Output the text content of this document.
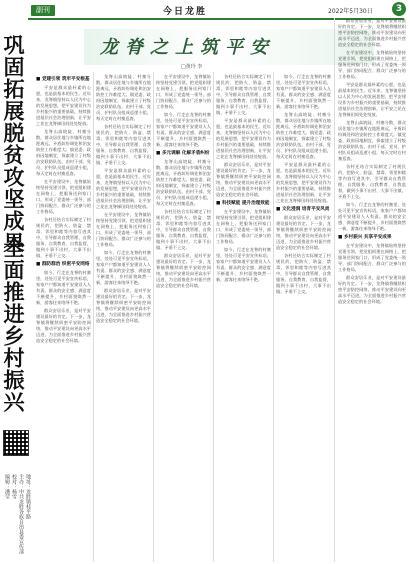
副刊	今日龙胜	2022年5月30日	3
巩固拓展脱贫攻坚成果
全面推进乡村振兴
编辑：潘莹 校对：杨雪 主办：中共龙胜各族自治县委宣传部 地址：龙胜镇桂平路
龙脊之上筑平安
□黄玲 李
■ 党建引领 筑牢平安根基

平安是群众最朴素的心愿，也是最基本的民生。近年来，龙脊镇坚持以人民为中心的发展思想，把平安建设作为乡村振兴的重要基础，持续推进基层社会治理创新，让平安之花在龙脊梯田间处处绽放。

龙脊山高坡陡、村寨分散，群众居住地与乡镇所在地距离远，矛盾纠纷调处和治安防控工作难度大。镇党委、政府因地制宜，探索建立了村级治安联防队伍，由村干部、党员、护村队员组成巡逻小组，每天定时在村寨巡查。

在平安建设中，龙脊镇始终坚持党建引领，把党组织建在网格上，把服务送到家门口，形成了党委统一领导、部门协同配合、群众广泛参与的工作格局。

各村还结合实际制定了村规民约，把防火、防盗、禁毒、邻里和睦等内容写进其中，引导群众自我管理、自我服务、自我教育、自我监督，做到小事不出村、大事不出镇、矛盾不上交。

■ 群防群治 织密平安网络

如今，行走在龙脊的村寨里，处处可见平安宣传标语，家家户户都知道平安建设人人有责。群众的安全感、满意度不断提升，乡村面貌焕然一新，游客往来络绎不绝。

群众安居乐业，是对平安建设最好的肯定。下一步，龙脊镇将继续织密平安防控网络，推动平安建设向更高水平迈进，为全面推进乡村振兴营造安全稳定的社会环境。

龙脊山高坡陡、村寨分散，群众居住地与乡镇所在地距离远，矛盾纠纷调处和治安防控工作难度大。镇党委、政府因地制宜，探索建立了村级治安联防队伍，由村干部、党员、护村队员组成巡逻小组，每天定时在村寨巡查。

各村还结合实际制定了村规民约，把防火、防盗、禁毒、邻里和睦等内容写进其中，引导群众自我管理、自我服务、自我教育、自我监督，做到小事不出村、大事不出镇、矛盾不上交。

平安是群众最朴素的心愿，也是最基本的民生。近年来，龙脊镇坚持以人民为中心的发展思想，把平安建设作为乡村振兴的重要基础，持续推进基层社会治理创新，让平安之花在龙脊梯田间处处绽放。

在平安建设中，龙脊镇始终坚持党建引领，把党组织建在网格上，把服务送到家门口，形成了党委统一领导、部门协同配合、群众广泛参与的工作格局。

如今，行走在龙脊的村寨里，处处可见平安宣传标语，家家户户都知道平安建设人人有责。群众的安全感、满意度不断提升，乡村面貌焕然一新，游客往来络绎不绝。

群众安居乐业，是对平安建设最好的肯定。下一步，龙脊镇将继续织密平安防控网络，推动平安建设向更高水平迈进，为全面推进乡村振兴营造安全稳定的社会环境。

在平安建设中，龙脊镇始终坚持党建引领，把党组织建在网格上，把服务送到家门口，形成了党委统一领导、部门协同配合、群众广泛参与的工作格局。

如今，行走在龙脊的村寨里，处处可见平安宣传标语，家家户户都知道平安建设人人有责。群众的安全感、满意度不断提升，乡村面貌焕然一新，游客往来络绎不绝。

■ 多元调解 化解矛盾纠纷

龙脊山高坡陡、村寨分散，群众居住地与乡镇所在地距离远，矛盾纠纷调处和治安防控工作难度大。镇党委、政府因地制宜，探索建立了村级治安联防队伍，由村干部、党员、护村队员组成巡逻小组，每天定时在村寨巡查。

各村还结合实际制定了村规民约，把防火、防盗、禁毒、邻里和睦等内容写进其中，引导群众自我管理、自我服务、自我教育、自我监督，做到小事不出村、大事不出镇、矛盾不上交。

群众安居乐业，是对平安建设最好的肯定。下一步，龙脊镇将继续织密平安防控网络，推动平安建设向更高水平迈进，为全面推进乡村振兴营造安全稳定的社会环境。

各村还结合实际制定了村规民约，把防火、防盗、禁毒、邻里和睦等内容写进其中，引导群众自我管理、自我服务、自我教育、自我监督，做到小事不出村、大事不出镇、矛盾不上交。

平安是群众最朴素的心愿，也是最基本的民生。近年来，龙脊镇坚持以人民为中心的发展思想，把平安建设作为乡村振兴的重要基础，持续推进基层社会治理创新，让平安之花在龙脊梯田间处处绽放。

群众安居乐业，是对平安建设最好的肯定。下一步，龙脊镇将继续织密平安防控网络，推动平安建设向更高水平迈进，为全面推进乡村振兴营造安全稳定的社会环境。

■ 科技赋能 提升治理效能

在平安建设中，龙脊镇始终坚持党建引领，把党组织建在网格上，把服务送到家门口，形成了党委统一领导、部门协同配合、群众广泛参与的工作格局。

如今，行走在龙脊的村寨里，处处可见平安宣传标语，家家户户都知道平安建设人人有责。群众的安全感、满意度不断提升，乡村面貌焕然一新，游客往来络绎不绝。

如今，行走在龙脊的村寨里，处处可见平安宣传标语，家家户户都知道平安建设人人有责。群众的安全感、满意度不断提升，乡村面貌焕然一新，游客往来络绎不绝。

龙脊山高坡陡、村寨分散，群众居住地与乡镇所在地距离远，矛盾纠纷调处和治安防控工作难度大。镇党委、政府因地制宜，探索建立了村级治安联防队伍，由村干部、党员、护村队员组成巡逻小组，每天定时在村寨巡查。

平安是群众最朴素的心愿，也是最基本的民生。近年来，龙脊镇坚持以人民为中心的发展思想，把平安建设作为乡村振兴的重要基础，持续推进基层社会治理创新，让平安之花在龙脊梯田间处处绽放。

■ 文化浸润 培育平安风尚

群众安居乐业，是对平安建设最好的肯定。下一步，龙脊镇将继续织密平安防控网络，推动平安建设向更高水平迈进，为全面推进乡村振兴营造安全稳定的社会环境。

各村还结合实际制定了村规民约，把防火、防盗、禁毒、邻里和睦等内容写进其中，引导群众自我管理、自我服务、自我教育、自我监督，做到小事不出村、大事不出镇、矛盾不上交。

群众安居乐业，是对平安建设最好的肯定。下一步，龙脊镇将继续织密平安防控网络，推动平安建设向更高水平迈进，为全面推进乡村振兴营造安全稳定的社会环境。

在平安建设中，龙脊镇始终坚持党建引领，把党组织建在网格上，把服务送到家门口，形成了党委统一领导、部门协同配合、群众广泛参与的工作格局。

平安是群众最朴素的心愿，也是最基本的民生。近年来，龙脊镇坚持以人民为中心的发展思想，把平安建设作为乡村振兴的重要基础，持续推进基层社会治理创新，让平安之花在龙脊梯田间处处绽放。

龙脊山高坡陡、村寨分散，群众居住地与乡镇所在地距离远，矛盾纠纷调处和治安防控工作难度大。镇党委、政府因地制宜，探索建立了村级治安联防队伍，由村干部、党员、护村队员组成巡逻小组，每天定时在村寨巡查。

各村还结合实际制定了村规民约，把防火、防盗、禁毒、邻里和睦等内容写进其中，引导群众自我管理、自我服务、自我教育、自我监督，做到小事不出村、大事不出镇、矛盾不上交。

如今，行走在龙脊的村寨里，处处可见平安宣传标语，家家户户都知道平安建设人人有责。群众的安全感、满意度不断提升，乡村面貌焕然一新，游客往来络绎不绝。

■ 乡村振兴 共享平安成果

在平安建设中，龙脊镇始终坚持党建引领，把党组织建在网格上，把服务送到家门口，形成了党委统一领导、部门协同配合、群众广泛参与的工作格局。

群众安居乐业，是对平安建设最好的肯定。下一步，龙脊镇将继续织密平安防控网络，推动平安建设向更高水平迈进，为全面推进乡村振兴营造安全稳定的社会环境。
